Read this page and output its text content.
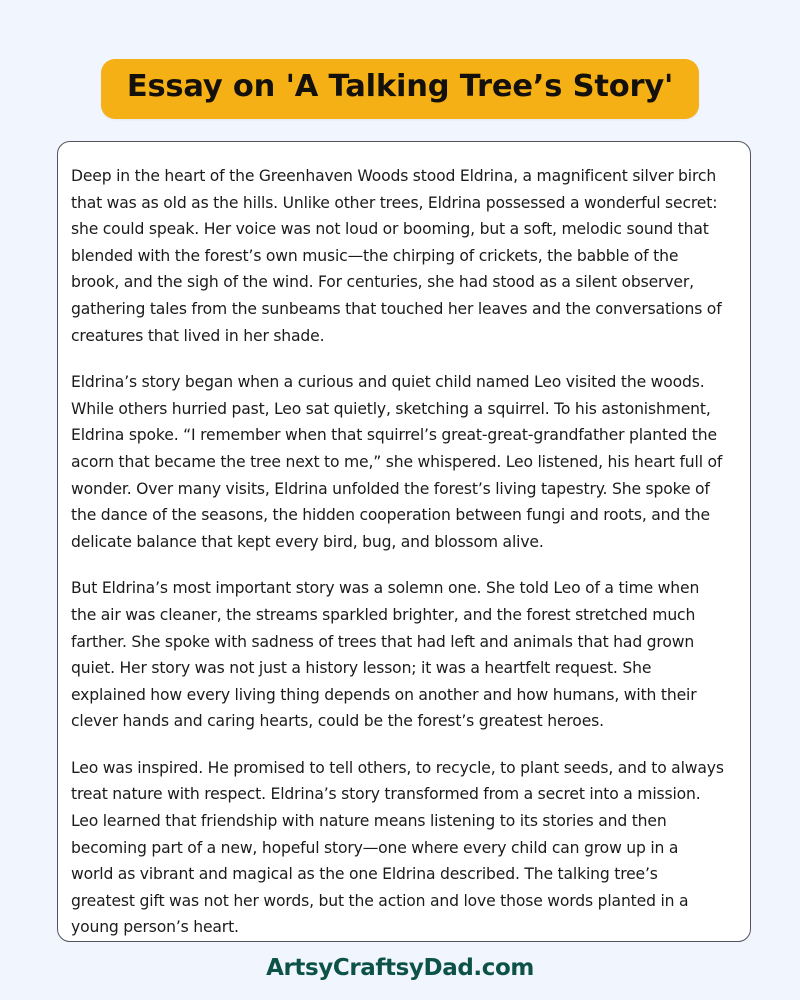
Essay on 'A Talking Tree’s Story'

Deep in the heart of the Greenhaven Woods stood Eldrina, a magnificent silver birch that was as old as the hills. Unlike other trees, Eldrina possessed a wonderful secret: she could speak. Her voice was not loud or booming, but a soft, melodic sound that blended with the forest’s own music—the chirping of crickets, the babble of the brook, and the sigh of the wind. For centuries, she had stood as a silent observer, gathering tales from the sunbeams that touched her leaves and the conversations of creatures that lived in her shade.

Eldrina’s story began when a curious and quiet child named Leo visited the woods. While others hurried past, Leo sat quietly, sketching a squirrel. To his astonishment, Eldrina spoke. “I remember when that squirrel’s great-great-grandfather planted the acorn that became the tree next to me,” she whispered. Leo listened, his heart full of wonder. Over many visits, Eldrina unfolded the forest’s living tapestry. She spoke of the dance of the seasons, the hidden cooperation between fungi and roots, and the delicate balance that kept every bird, bug, and blossom alive.

But Eldrina’s most important story was a solemn one. She told Leo of a time when the air was cleaner, the streams sparkled brighter, and the forest stretched much farther. She spoke with sadness of trees that had left and animals that had grown quiet. Her story was not just a history lesson; it was a heartfelt request. She explained how every living thing depends on another and how humans, with their clever hands and caring hearts, could be the forest’s greatest heroes.

Leo was inspired. He promised to tell others, to recycle, to plant seeds, and to always treat nature with respect. Eldrina’s story transformed from a secret into a mission. Leo learned that friendship with nature means listening to its stories and then becoming part of a new, hopeful story—one where every child can grow up in a world as vibrant and magical as the one Eldrina described. The talking tree’s greatest gift was not her words, but the action and love those words planted in a young person’s heart.

ArtsyCraftsyDad.com
